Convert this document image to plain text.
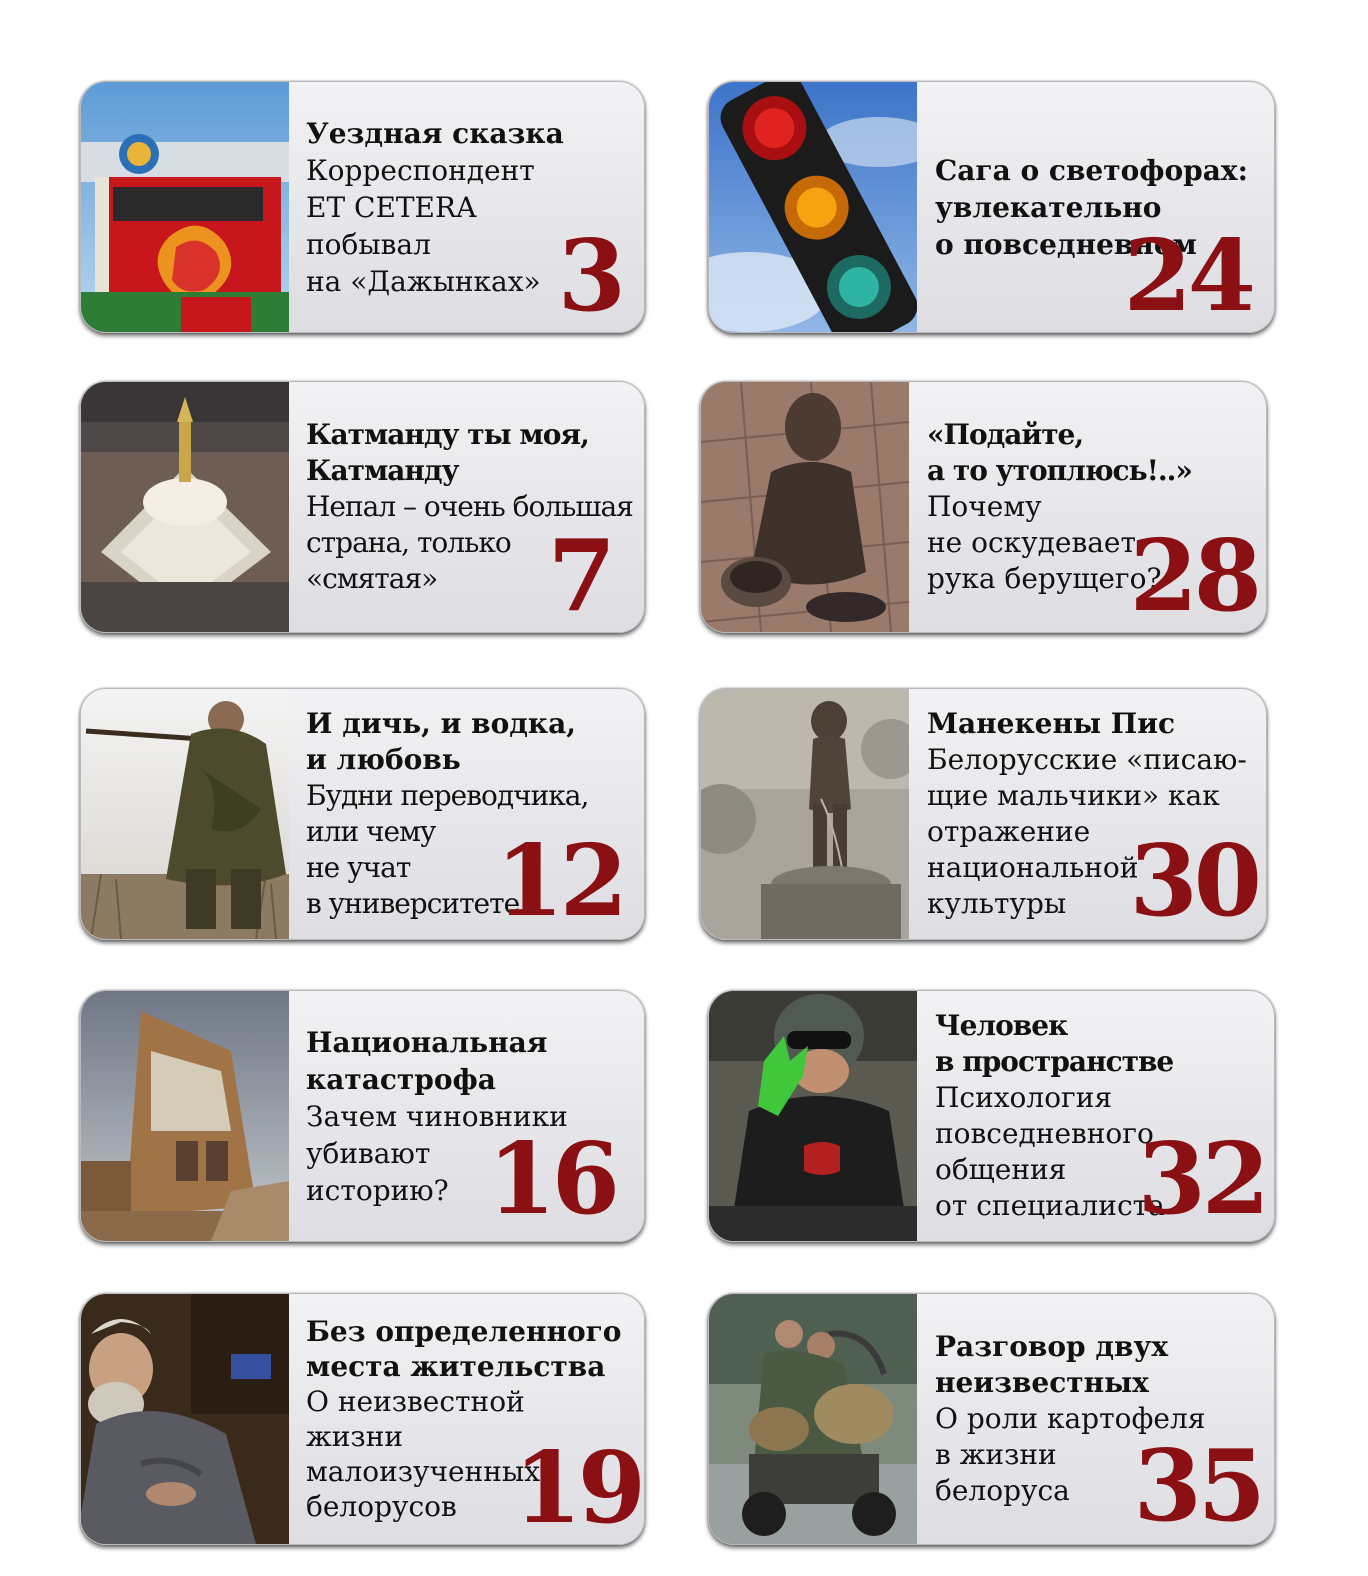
Уездная сказка
Корреспондент
ET CETERA
побывал
на «Дажынках» 3
Сага о светофорах:
увлекательно
о повседневном
24
Катманду ты моя,
Катманду
Непал – очень большая
страна, только
«смятая»	7
«Подайте,
а то утоплюсь!..»
Почему
не оскудевает
рука берущего?
28
И дичь, и водка,
и любовь
Будни переводчика,
или чему
не учат
в университете
12
Манекены Пис
Белорусские «писаю-
щие мальчики» как
отражение
национальной
культуры 30
Национальная
катастрофа
Зачем чиновники
убивают
историю? 16
Человек
в пространстве
Психология
повседневного
общения
от специалиста
32
Без определенного
места жительства
О неизвестной
жизни
малоизученных
белорусов 19
Разговор двух
неизвестных
О роли картофеля
в жизни
белоруса 35
